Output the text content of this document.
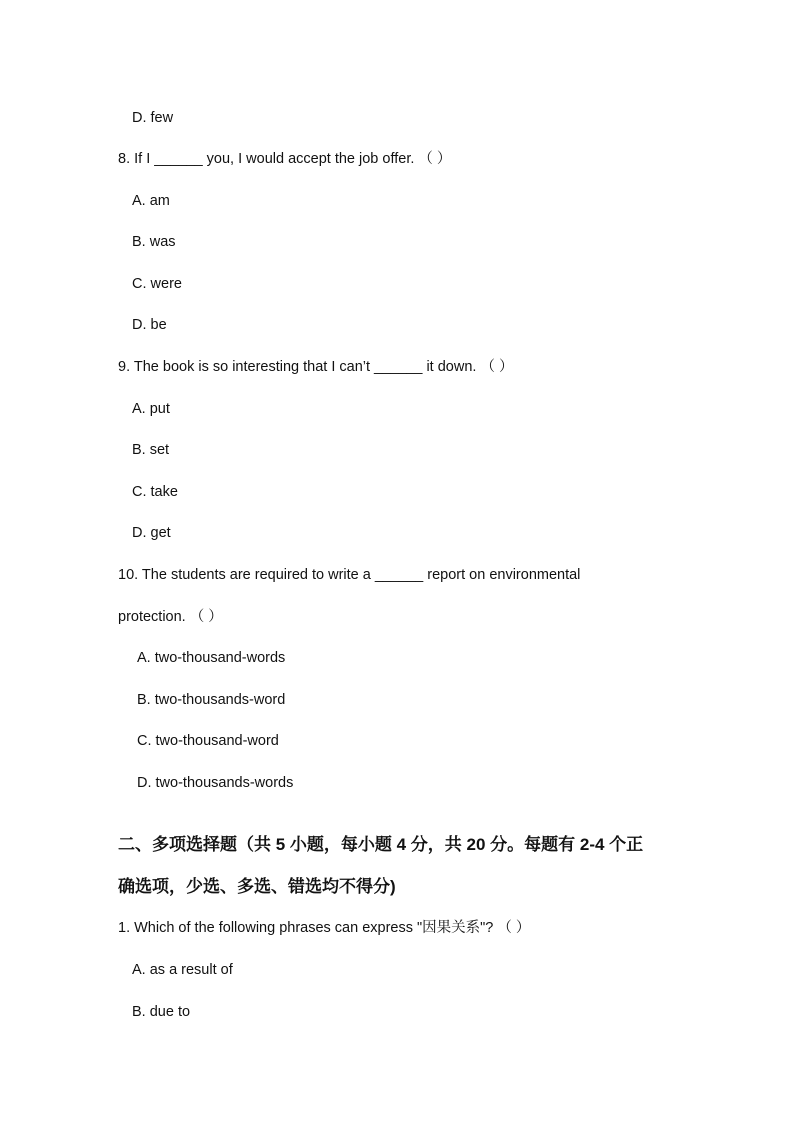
D. few
8. If I ______ you, I would accept the job offer. （ ）
A. am
B. was
C. were
D. be
9. The book is so interesting that I can’t ______ it down. （ ）
A. put
B. set
C. take
D. get
10. The students are required to write a ______ report on environmental
protection. （ ）
A. two-thousand-words
B. two-thousands-word
C. two-thousand-word
D. two-thousands-words
二、多项选择题（共 5 小题，每小题 4 分，共 20 分。每题有 2-4 个正
确选项，少选、多选、错选均不得分)
1. Which of the following phrases can express "因果关系"? （ ）
A. as a result of
B. due to
